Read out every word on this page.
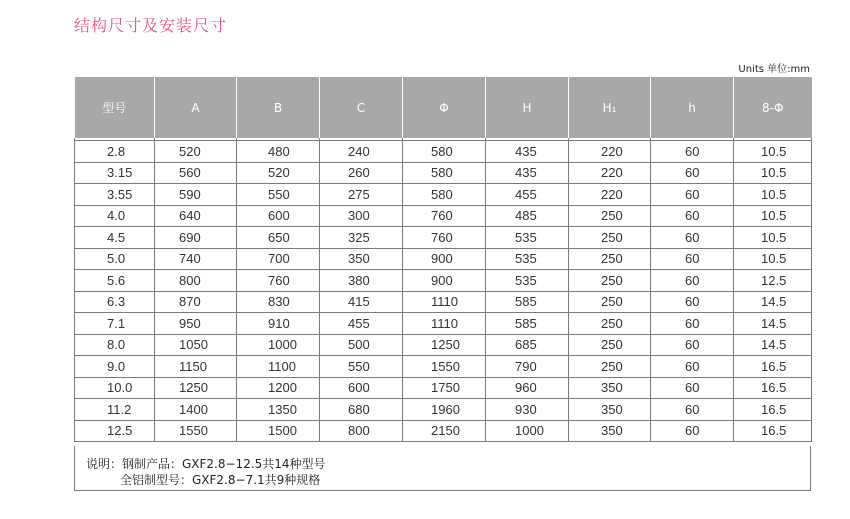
结构尺寸及安装尺寸
Units 单位:mm
型号	A	B	C	Φ	H	H₁	h	8-Φ

2.8	520	480	240	580	435	220	60	10.5
3.15	560	520	260	580	435	220	60	10.5
3.55	590	550	275	580	455	220	60	10.5
4.0	640	600	300	760	485	250	60	10.5
4.5	690	650	325	760	535	250	60	10.5
5.0	740	700	350	900	535	250	60	10.5
5.6	800	760	380	900	535	250	60	12.5
6.3	870	830	415	1110	585	250	60	14.5
7.1	950	910	455	1110	585	250	60	14.5
8.0	1050	1000	500	1250	685	250	60	14.5
9.0	1150	1100	550	1550	790	250	60	16.5
10.0	1250	1200	600	1750	960	350	60	16.5
11.2	1400	1350	680	1960	930	350	60	16.5
12.5	1550	1500	800	2150	1000	350	60	16.5
说明：钢制产品：GXF2.8−12.5共14种型号
全铝制型号：GXF2.8−7.1共9种规格
